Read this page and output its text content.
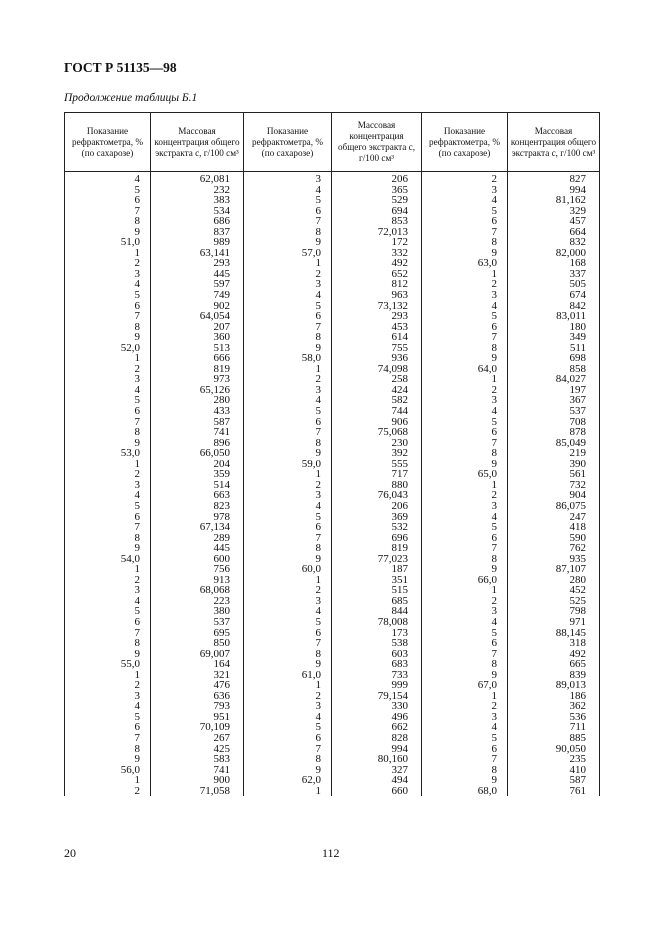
ГОСТ Р 51135—98
Продолжение таблицы Б.1
Показание рефрактометра, % (по сахарозе)	Массовая концентрация общего экстракта с, г/100 см³	Показание рефрактометра, % (по сахарозе)	Массовая концентрация общего экстракта с, г/100 см³	Показание рефрактометра, % (по сахарозе)	Массовая концентрация общего экстракта с, г/100 см³
4	62,081	3	206	2	827
5	232	4	365	3	994
6	383	5	529	4	81,162
7	534	6	694	5	329
8	686	7	853	6	457
9	837	8	72,013	7	664
51,0	989	9	172	8	832
1	63,141	57,0	332	9	82,000
2	293	1	492	63,0	168
3	445	2	652	1	337
4	597	3	812	2	505
5	749	4	963	3	674
6	902	5	73,132	4	842
7	64,054	6	293	5	83,011
8	207	7	453	6	180
9	360	8	614	7	349
52,0	513	9	755	8	511
1	666	58,0	936	9	698
2	819	1	74,098	64,0	858
3	973	2	258	1	84,027
4	65,126	3	424	2	197
5	280	4	582	3	367
6	433	5	744	4	537
7	587	6	906	5	708
8	741	7	75,068	6	878
9	896	8	230	7	85,049
53,0	66,050	9	392	8	219
1	204	59,0	555	9	390
2	359	1	717	65,0	561
3	514	2	880	1	732
4	663	3	76,043	2	904
5	823	4	206	3	86,075
6	978	5	369	4	247
7	67,134	6	532	5	418
8	289	7	696	6	590
9	445	8	819	7	762
54,0	600	9	77,023	8	935
1	756	60,0	187	9	87,107
2	913	1	351	66,0	280
3	68,068	2	515	1	452
4	223	3	685	2	525
5	380	4	844	3	798
6	537	5	78,008	4	971
7	695	6	173	5	88,145
8	850	7	538	6	318
9	69,007	8	603	7	492
55,0	164	9	683	8	665
1	321	61,0	733	9	839
2	476	1	999	67,0	89,013
3	636	2	79,154	1	186
4	793	3	330	2	362
5	951	4	496	3	536
6	70,109	5	662	4	711
7	267	6	828	5	885
8	425	7	994	6	90,050
9	583	8	80,160	7	235
56,0	741	9	327	8	410
1	900	62,0	494	9	587
2	71,058	1	660	68,0	761
20	112
